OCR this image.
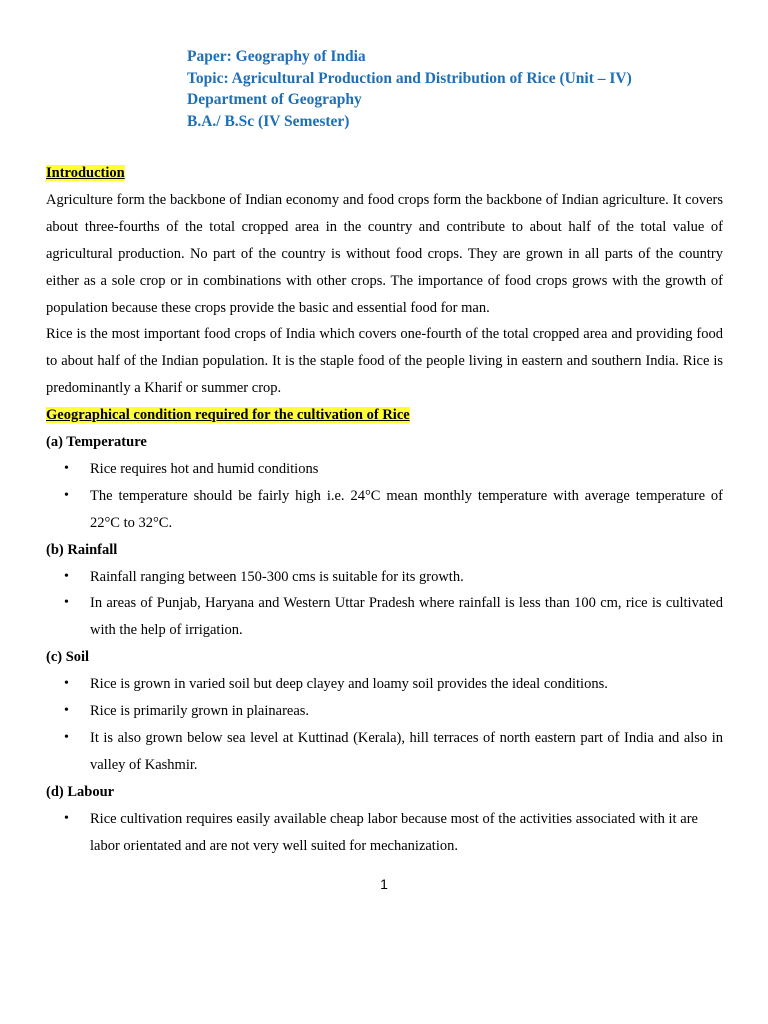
Paper: Geography of India
Topic: Agricultural Production and Distribution of Rice (Unit – IV)
Department of Geography
B.A./ B.Sc (IV Semester)
Introduction

Agriculture form the backbone of Indian economy and food crops form the backbone of Indian agriculture. It covers about three-fourths of the total cropped area in the country and contribute to about half of the total value of agricultural production. No part of the country is without food crops. They are grown in all parts of the country either as a sole crop or in combinations with other crops. The importance of food crops grows with the growth of population because these crops provide the basic and essential food for man.

Rice is the most important food crops of India which covers one-fourth of the total cropped area and providing food to about half of the Indian population. It is the staple food of the people living in eastern and southern India. Rice is predominantly a Kharif or summer crop.

Geographical condition required for the cultivation of Rice
(a) Temperature
• Rice requires hot and humid conditions
• The temperature should be fairly high i.e. 24°C mean monthly temperature with average temperature of 22°C to 32°C.
(b) Rainfall
• Rainfall ranging between 150-300 cms is suitable for its growth.
• In areas of Punjab, Haryana and Western Uttar Pradesh where rainfall is less than 100 cm, rice is cultivated with the help of irrigation.
(c) Soil
• Rice is grown in varied soil but deep clayey and loamy soil provides the ideal conditions.
• Rice is primarily grown in plainareas.
• It is also grown below sea level at Kuttinad (Kerala), hill terraces of north eastern part of India and also in valley of Kashmir.
(d) Labour
• Rice cultivation requires easily available cheap labor because most of the activities associated with it are labor orientated and are not very well suited for mechanization.
1
